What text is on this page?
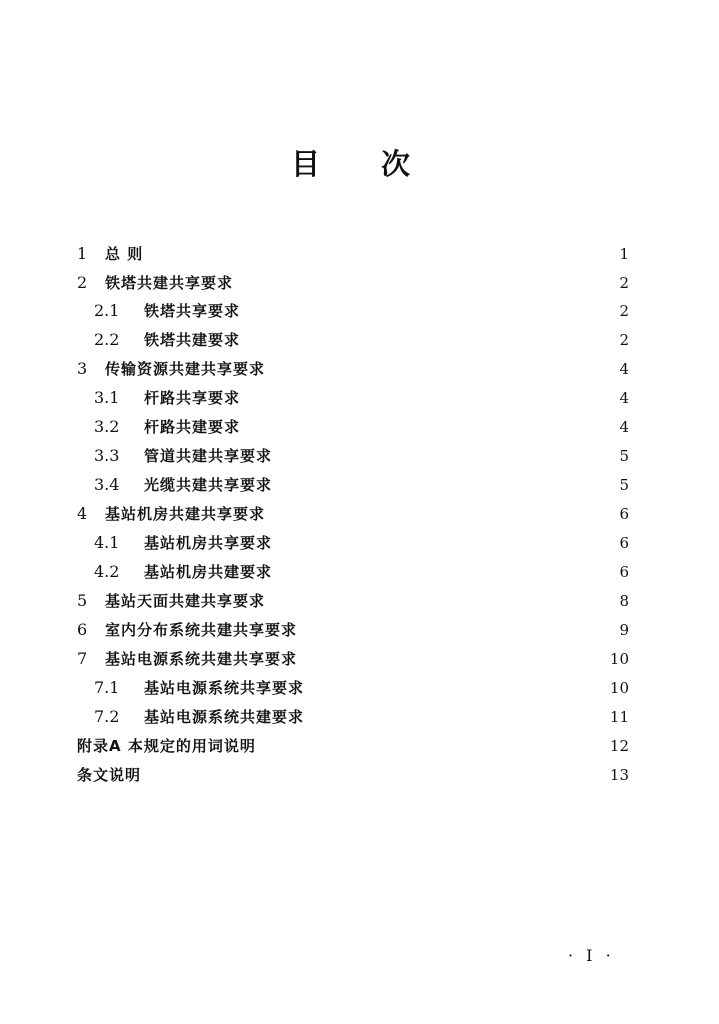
目 次
1	总 则	1
2	铁塔共建共享要求	2
2.1	铁塔共享要求	2
2.2	铁塔共建要求	2
3	传输资源共建共享要求	4
3.1	杆路共享要求	4
3.2	杆路共建要求	4
3.3	管道共建共享要求	5
3.4	光缆共建共享要求	5
4	基站机房共建共享要求	6
4.1	基站机房共享要求	6
4.2	基站机房共建要求	6
5	基站天面共建共享要求	8
6	室内分布系统共建共享要求	9
7	基站电源系统共建共享要求	10
7.1	基站电源系统共享要求	10
7.2	基站电源系统共建要求	11
附录A 本规定的用词说明	12
条文说明	13
· I ·
